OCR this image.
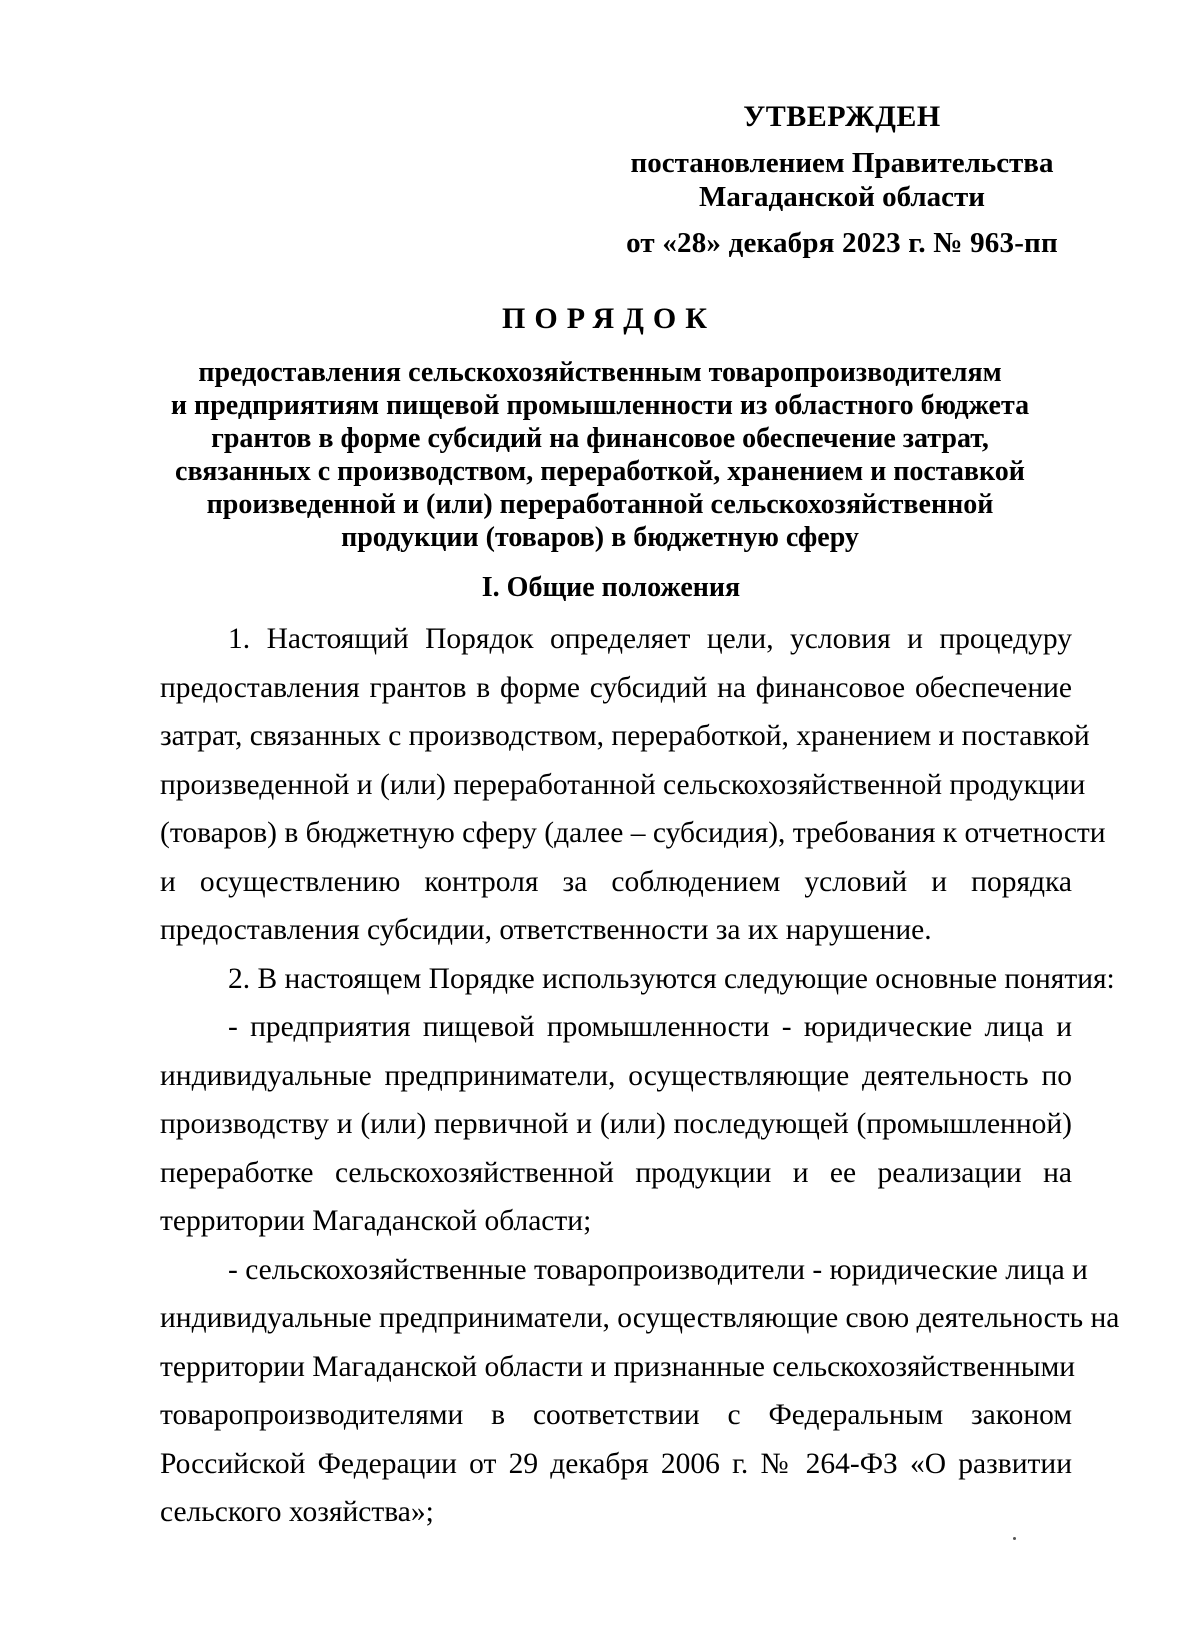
УТВЕРЖДЕН
постановлением Правительства
Магаданской области
от «28» декабря 2023 г. № 963-пп
ПОРЯДОК
предоставления сельскохозяйственным товаропроизводителям
и предприятиям пищевой промышленности из областного бюджета
грантов в форме субсидий на финансовое обеспечение затрат,
связанных с производством, переработкой, хранением и поставкой
произведенной и (или) переработанной сельскохозяйственной
продукции (товаров) в бюджетную сферу
I. Общие положения
1. Настоящий Порядок определяет цели, условия и процедуру
предоставления грантов в форме субсидий на финансовое обеспечение
затрат, связанных с производством, переработкой, хранением и поставкой
произведенной и (или) переработанной сельскохозяйственной продукции
(товаров) в бюджетную сферу (далее – субсидия), требования к отчетности
и осуществлению контроля за соблюдением условий и порядка
предоставления субсидии, ответственности за их нарушение.
2. В настоящем Порядке используются следующие основные понятия:
- предприятия пищевой промышленности - юридические лица и
индивидуальные предприниматели, осуществляющие деятельность по
производству и (или) первичной и (или) последующей (промышленной)
переработке сельскохозяйственной продукции и ее реализации на
территории Магаданской области;
- сельскохозяйственные товаропроизводители - юридические лица и
индивидуальные предприниматели, осуществляющие свою деятельность на
территории Магаданской области и признанные сельскохозяйственными
товаропроизводителями в соответствии с Федеральным законом
Российской Федерации от 29 декабря 2006 г. № 264-ФЗ «О развитии
сельского хозяйства»;
